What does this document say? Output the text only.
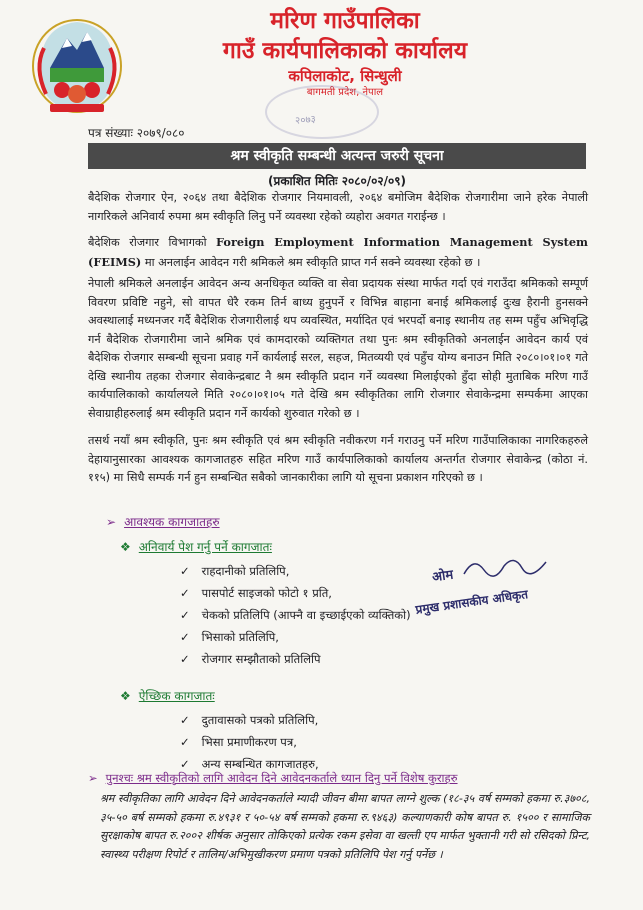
मरिण गाउँपालिका
गाउँ कार्यपालिकाको कार्यालय
कपिलाकोट, सिन्धुली
बागमती प्रदेश, नेपाल
२०७३
पत्र संख्याः २०७९/०८०
श्रम स्वीकृति सम्बन्धी अत्यन्त जरुरी सूचना
(प्रकाशित मितिः २०८०/०२/०९)
बैदेशिक रोजगार ऐन, २०६४ तथा बैदेशिक रोजगार नियमावली, २०६४ बमोजिम बैदेशिक रोजगारीमा जाने हरेक नेपाली नागरिकले अनिवार्य रुपमा श्रम स्वीकृति लिनु पर्ने व्यवस्था रहेको व्यहोरा अवगत गराईन्छ ।
बैदेशिक रोजगार विभागको Foreign Employment Information Management System (FEIMS) मा अनलाईन आवेदन गरी श्रमिकले श्रम स्वीकृति प्राप्त गर्न सक्ने व्यवस्था रहेको छ ।
नेपाली श्रमिकले अनलाईन आवेदन अन्य अनधिकृत व्यक्ति वा सेवा प्रदायक संस्था मार्फत गर्दा एवं गराउँदा श्रमिकको सम्पूर्ण विवरण प्रविष्टि नहुने, सो वापत धेरै रकम तिर्न बाध्य हुनुपर्ने र विभिन्न बाहाना बनाई श्रमिकलाई दुःख हैरानी हुनसक्ने अवस्थालाई मध्यनजर गर्दै बैदेशिक रोजगारीलाई थप व्यवस्थित, मर्यादित एवं भरपर्दो बनाइ स्थानीय तह सम्म पहुँच अभिवृद्धि गर्न बैदेशिक रोजगारीमा जाने श्रमिक एवं कामदारको व्यक्तिगत तथा पुनः श्रम स्वीकृतिको अनलाईन आवेदन कार्य एवं बैदेशिक रोजगार सम्बन्धी सूचना प्रवाह गर्ने कार्यलाई सरल, सहज, मितव्ययी एवं पहुँच योग्य बनाउन मिति २०८०।०१।०१ गते देखि स्थानीय तहका रोजगार सेवाकेन्द्रबाट नै श्रम स्वीकृति प्रदान गर्ने व्यवस्था मिलाईएको हुँदा सोही मुताबिक मरिण गाउँ कार्यपालिकाको कार्यालयले मिति २०८०।०१।०५ गते देखि श्रम स्वीकृतिका लागि रोजगार सेवाकेन्द्रमा सम्पर्कमा आएका सेवाग्राहीहरुलाई श्रम स्वीकृति प्रदान गर्ने कार्यको शुरुवात गरेको छ ।
तसर्थ नयाँ श्रम स्वीकृति, पुनः श्रम स्वीकृति एवं श्रम स्वीकृति नवीकरण गर्न गराउनु पर्ने मरिण गाउँपालिकाका नागरिकहरुले देहायानुसारका आवश्यक कागजातहरु सहित मरिण गाउँ कार्यपालिकाको कार्यालय अन्तर्गत रोजगार सेवाकेन्द्र (कोठा नं. ११५) मा सिधै सम्पर्क गर्न हुन सम्बन्धित सबैको जानकारीका लागि यो सूचना प्रकाशन गरिएको छ ।
➢ आवश्यक कागजातहरु
❖ अनिवार्य पेश गर्नु पर्ने कागजातः
✓ राहदानीको प्रतिलिपि,
✓ पासपोर्ट साइजको फोटो १ प्रति,
✓ चेकको प्रतिलिपि (आफ्नै वा इच्छाईएको व्यक्तिको)
✓ भिसाको प्रतिलिपि,
✓ रोजगार सम्झौताको प्रतिलिपि
❖ ऐच्छिक कागजातः
✓ दुतावासको पत्रको प्रतिलिपि,
✓ भिसा प्रमाणीकरण पत्र,
✓ अन्य सम्बन्धित कागजातहरु,
ओम
प्रमुख प्रशासकीय अधिकृत
➢ पुनश्चः श्रम स्वीकृतिको लागि आवेदन दिने आवेदनकर्ताले ध्यान दिनु पर्ने विशेष कुराहरु
श्रम स्वीकृतिका लागि आवेदन दिने आवेदनकर्ताले म्यादी जीवन बीमा बापत लाग्ने शुल्क (१८-३५ वर्ष सम्मको हकमा रु.३७०८, ३५-५० बर्ष सम्मको हकमा रु.४९३१ र ५०-५४ बर्ष सम्मको हकमा रु.९४६३) कल्याणकारी कोष बापत रु. १५०० र सामाजिक सुरक्षाकोष बापत रु.२००२ शीर्षक अनुसार तोकिएको प्रत्येक रकम इसेवा वा खल्ती एप मार्फत भुक्तानी गरी सो रसिदको प्रिन्ट, स्वास्थ्य परीक्षण रिपोर्ट र तालिम/अभिमुखीकरण प्रमाण पत्रको प्रतिलिपि पेश गर्नु पर्नेछ ।
